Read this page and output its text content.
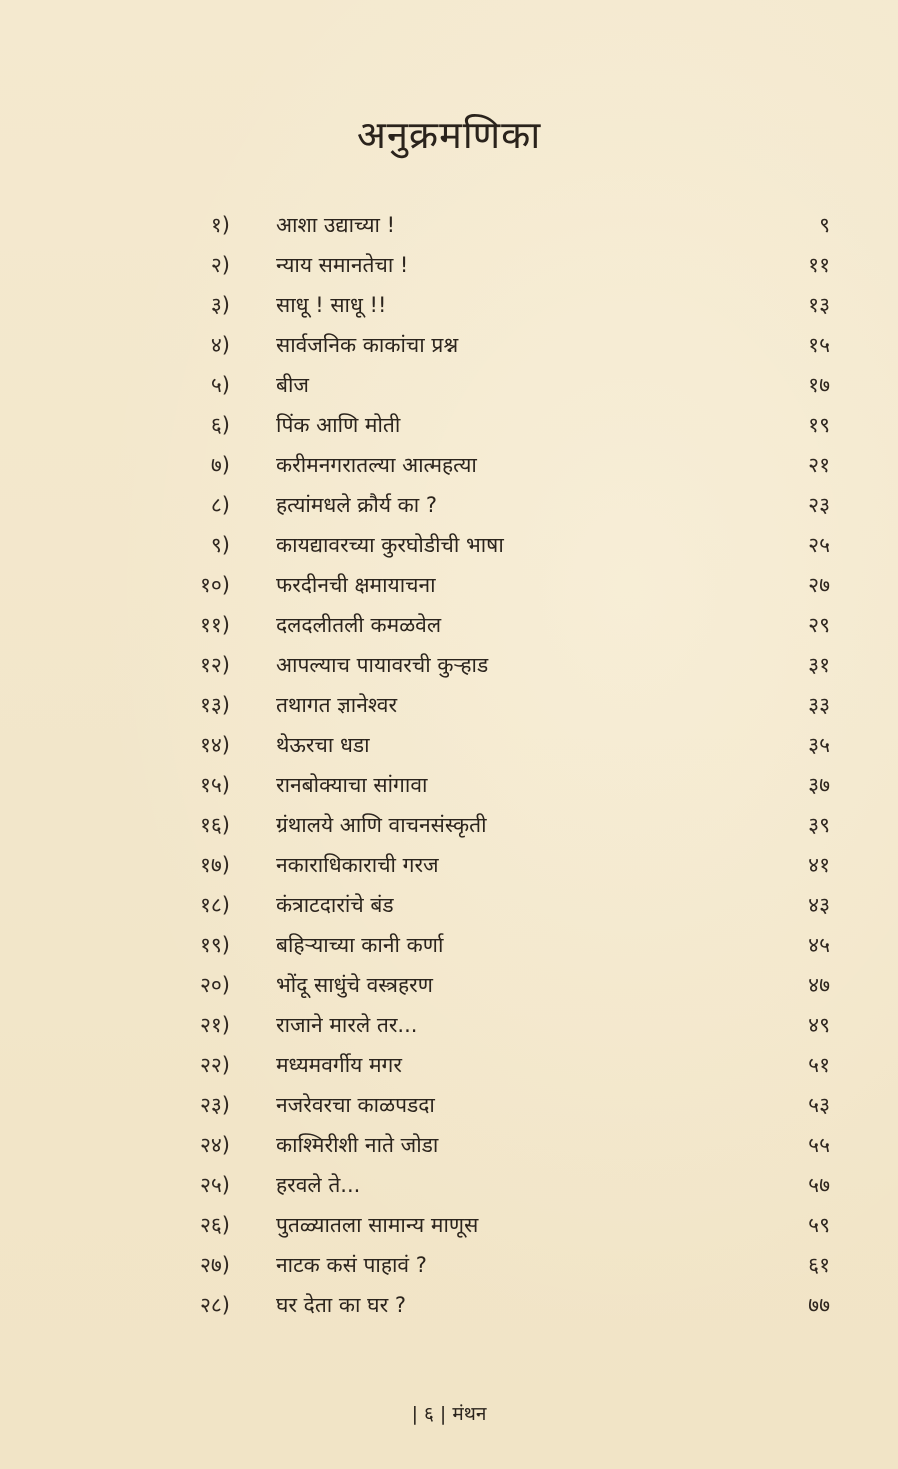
अनुक्रमणिका
१) आशा उद्याच्या !	९
२) न्याय समानतेचा !	११
३) साधू ! साधू !!	१३
४) सार्वजनिक काकांचा प्रश्न	१५
५) बीज	१७
६) पिंक आणि मोती	१९
७) करीमनगरातल्या आत्महत्या	२१
८) हत्यांमधले क्रौर्य का ?	२३
९) कायद्यावरच्या कुरघोडीची भाषा	२५
१०) फरदीनची क्षमायाचना	२७
११) दलदलीतली कमळवेल	२९
१२) आपल्याच पायावरची कुऱ्हाड	३१
१३) तथागत ज्ञानेश्वर	३३
१४) थेऊरचा धडा	३५
१५) रानबोक्याचा सांगावा	३७
१६) ग्रंथालये आणि वाचनसंस्कृती	३९
१७) नकाराधिकाराची गरज	४१
१८) कंत्राटदारांचे बंड	४३
१९) बहिऱ्याच्या कानी कर्णा	४५
२०) भोंदू साधुंचे वस्त्रहरण	४७
२१) राजाने मारले तर...	४९
२२) मध्यमवर्गीय मगर	५१
२३) नजरेवरचा काळपडदा	५३
२४) काश्मिरीशी नाते जोडा	५५
२५) हरवले ते...	५७
२६) पुतळ्यातला सामान्य माणूस	५९
२७) नाटक कसं पाहावं ?	६१
२८) घर देता का घर ?	७७
| ६ | मंथन
